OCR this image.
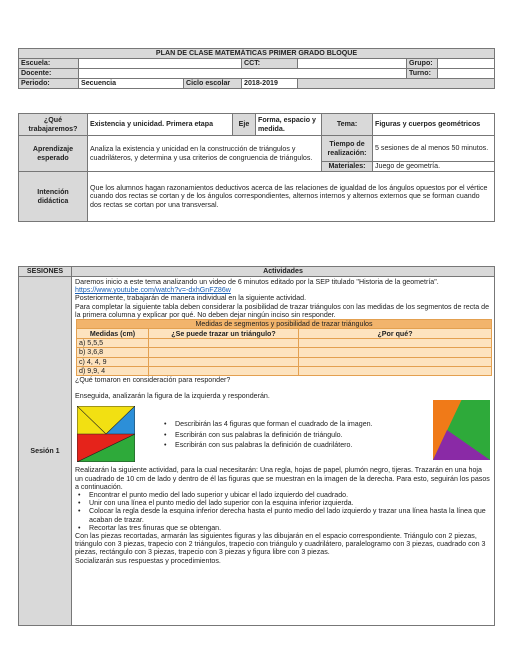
PLAN DE CLASE MATEMÁTICAS PRIMER GRADO BLOQUE						
Escuela:			CCT:		Grupo:	
Docente:					Turno:	
Periodo:	Secuencia	Ciclo escolar	2018-2019			
¿Qué trabajaremos?	Existencia y unicidad. Primera etapa	Eje	Forma, espacio y medida.	Tema:	Figuras y cuerpos geométricos
Aprendizaje esperado	Analiza la existencia y unicidad en la construcción de triángulos y cuadriláteros, y determina y usa criterios de congruencia de triángulos.			Tiempo de realización:	5 sesiones de al menos 50 minutos.
				Materiales:	Juego de geometría.
Intención didáctica	Que los alumnos hagan razonamientos deductivos acerca de las relaciones de igualdad de los ángulos opuestos por el vértice cuando dos rectas se cortan y de los ángulos correspondientes, alternos internos y alternos externos que se forman cuando dos rectas se cortan por una transversal.				
SESIONES	Actividades
Sesión 1	
Daremos inicio a este tema analizando un video de 6 minutos editado por la SEP titulado "Historia de la geometría". https://www.youtube.com/watch?v=-dxhGnFZ86w
Posteriormente, trabajarán de manera individual en la siguiente actividad.
Para completar la siguiente tabla deben considerar la posibilidad de trazar triángulos con las medidas de los segmentos de recta de la primera columna y explicar por qué. No deben dejar ningún inciso sin responder.
Medidas de segmentos y posibilidad de trazar triángulos
Medidas (cm)	¿Se puede trazar un triángulo?	¿Por qué?
a) 5,5,5		
b) 3,6,8		
c) 4, 4, 9		
d) 9,9, 4		
¿Qué tomaron en consideración para responder?
Enseguida, analizarán la figura de la izquierda y responderán.
• Describirán las 4 figuras que forman el cuadrado de la imagen.
• Escribirán con sus palabras la definición de triángulo.
• Escribirán con sus palabras la definición de cuadrilátero.
Realizarán la siguiente actividad, para la cual necesitarán: Una regla, hojas de papel, plumón negro, tijeras. Trazarán en una hoja un cuadrado de 10 cm de lado y dentro de él las figuras que se muestran en la imagen de la derecha. Para esto, seguirán los pasos a continuación.
• Encontrar el punto medio del lado superior y ubicar el lado izquierdo del cuadrado.
• Unir con una línea el punto medio del lado superior con la esquina inferior izquierda.
• Colocar la regla desde la esquina inferior derecha hasta el punto medio del lado izquierdo y trazar una línea hasta la línea que acaban de trazar.
• Recortar las tres finuras que se obtengan.
Con las piezas recortadas, armarán las siguientes figuras y las dibujarán en el espacio correspondiente. Triángulo con 2 piezas, triángulo con 3 piezas, trapecio con 2 triángulos, trapecio con triángulo y cuadrilátero, paralelogramo con 3 piezas, cuadrado con 3 piezas, rectángulo con 3 piezas, trapecio con 3 piezas y figura libre con 3 piezas.
Socializarán sus respuestas y procedimientos.
